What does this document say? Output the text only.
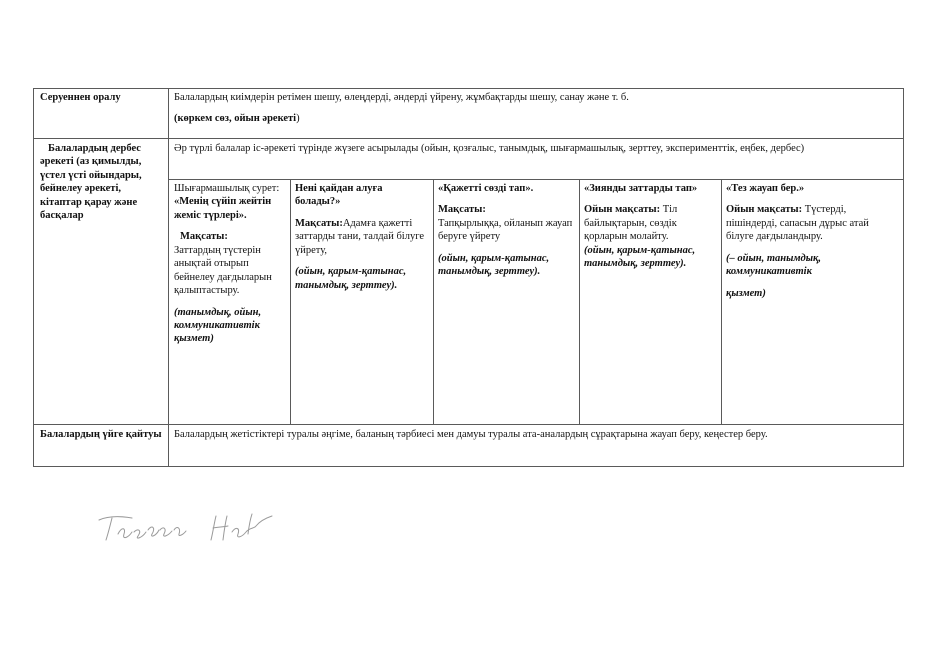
Серуеннен оралу	Балалардың киімдерін ретімен шешу, өлеңдерді, әндерді үйрену, жұмбақтарды шешу, санау және т. б.

(көркем сөз, ойын әрекеті)

Балалардың дербес әрекеті (аз қимылды, үстел үсті ойындары, бейнелеу әрекеті, кітаптар қарау және басқалар
Әр түрлі балалар іс-әрекеті түрінде жүзеге асырылады (ойын, қозғалыс, танымдық, шығармашылық, зерттеу, эксперименттік, еңбек, дербес)

Шығармашылық сурет: «Менің сүйіп жейтін жеміс түрлері».

Мақсаты:

Заттардың түстерін анықтай отырып бейнелеу дағдыларын қалыптастыру.

(танымдық, ойын, коммуникативтік қызмет)

Нені қайдан алуға болады?»

Мақсаты:Адамға қажетті заттарды тани, талдай білуге үйрету,

(ойын, қарым-қатынас, танымдық, зерттеу).

«Қажетті сөзді тап».

Мақсаты:

Тапқырлыққа, ойланып жауап беруге үйрету

(ойын, қарым-қатынас, танымдық, зерттеу).

«Зиянды заттарды тап»

Ойын мақсаты: Тіл байлықтарын, сөздік қорларын молайту.

(ойын, қарым-қатынас, танымдық, зерттеу).

«Тез жауап бер.»

Ойын мақсаты: Түстерді, пішіндерді, сапасын дұрыс атай білуге дағдыландыру.

(– ойын, танымдық, коммуникативтік

қызмет)

Балалардың үйге қайтуы	Балалардың жетістіктері туралы әңгіме, баланың тәрбиесі мен дамуы туралы ата-аналардың сұрақтарына жауап беру, кеңестер беру.
Тексерілді
